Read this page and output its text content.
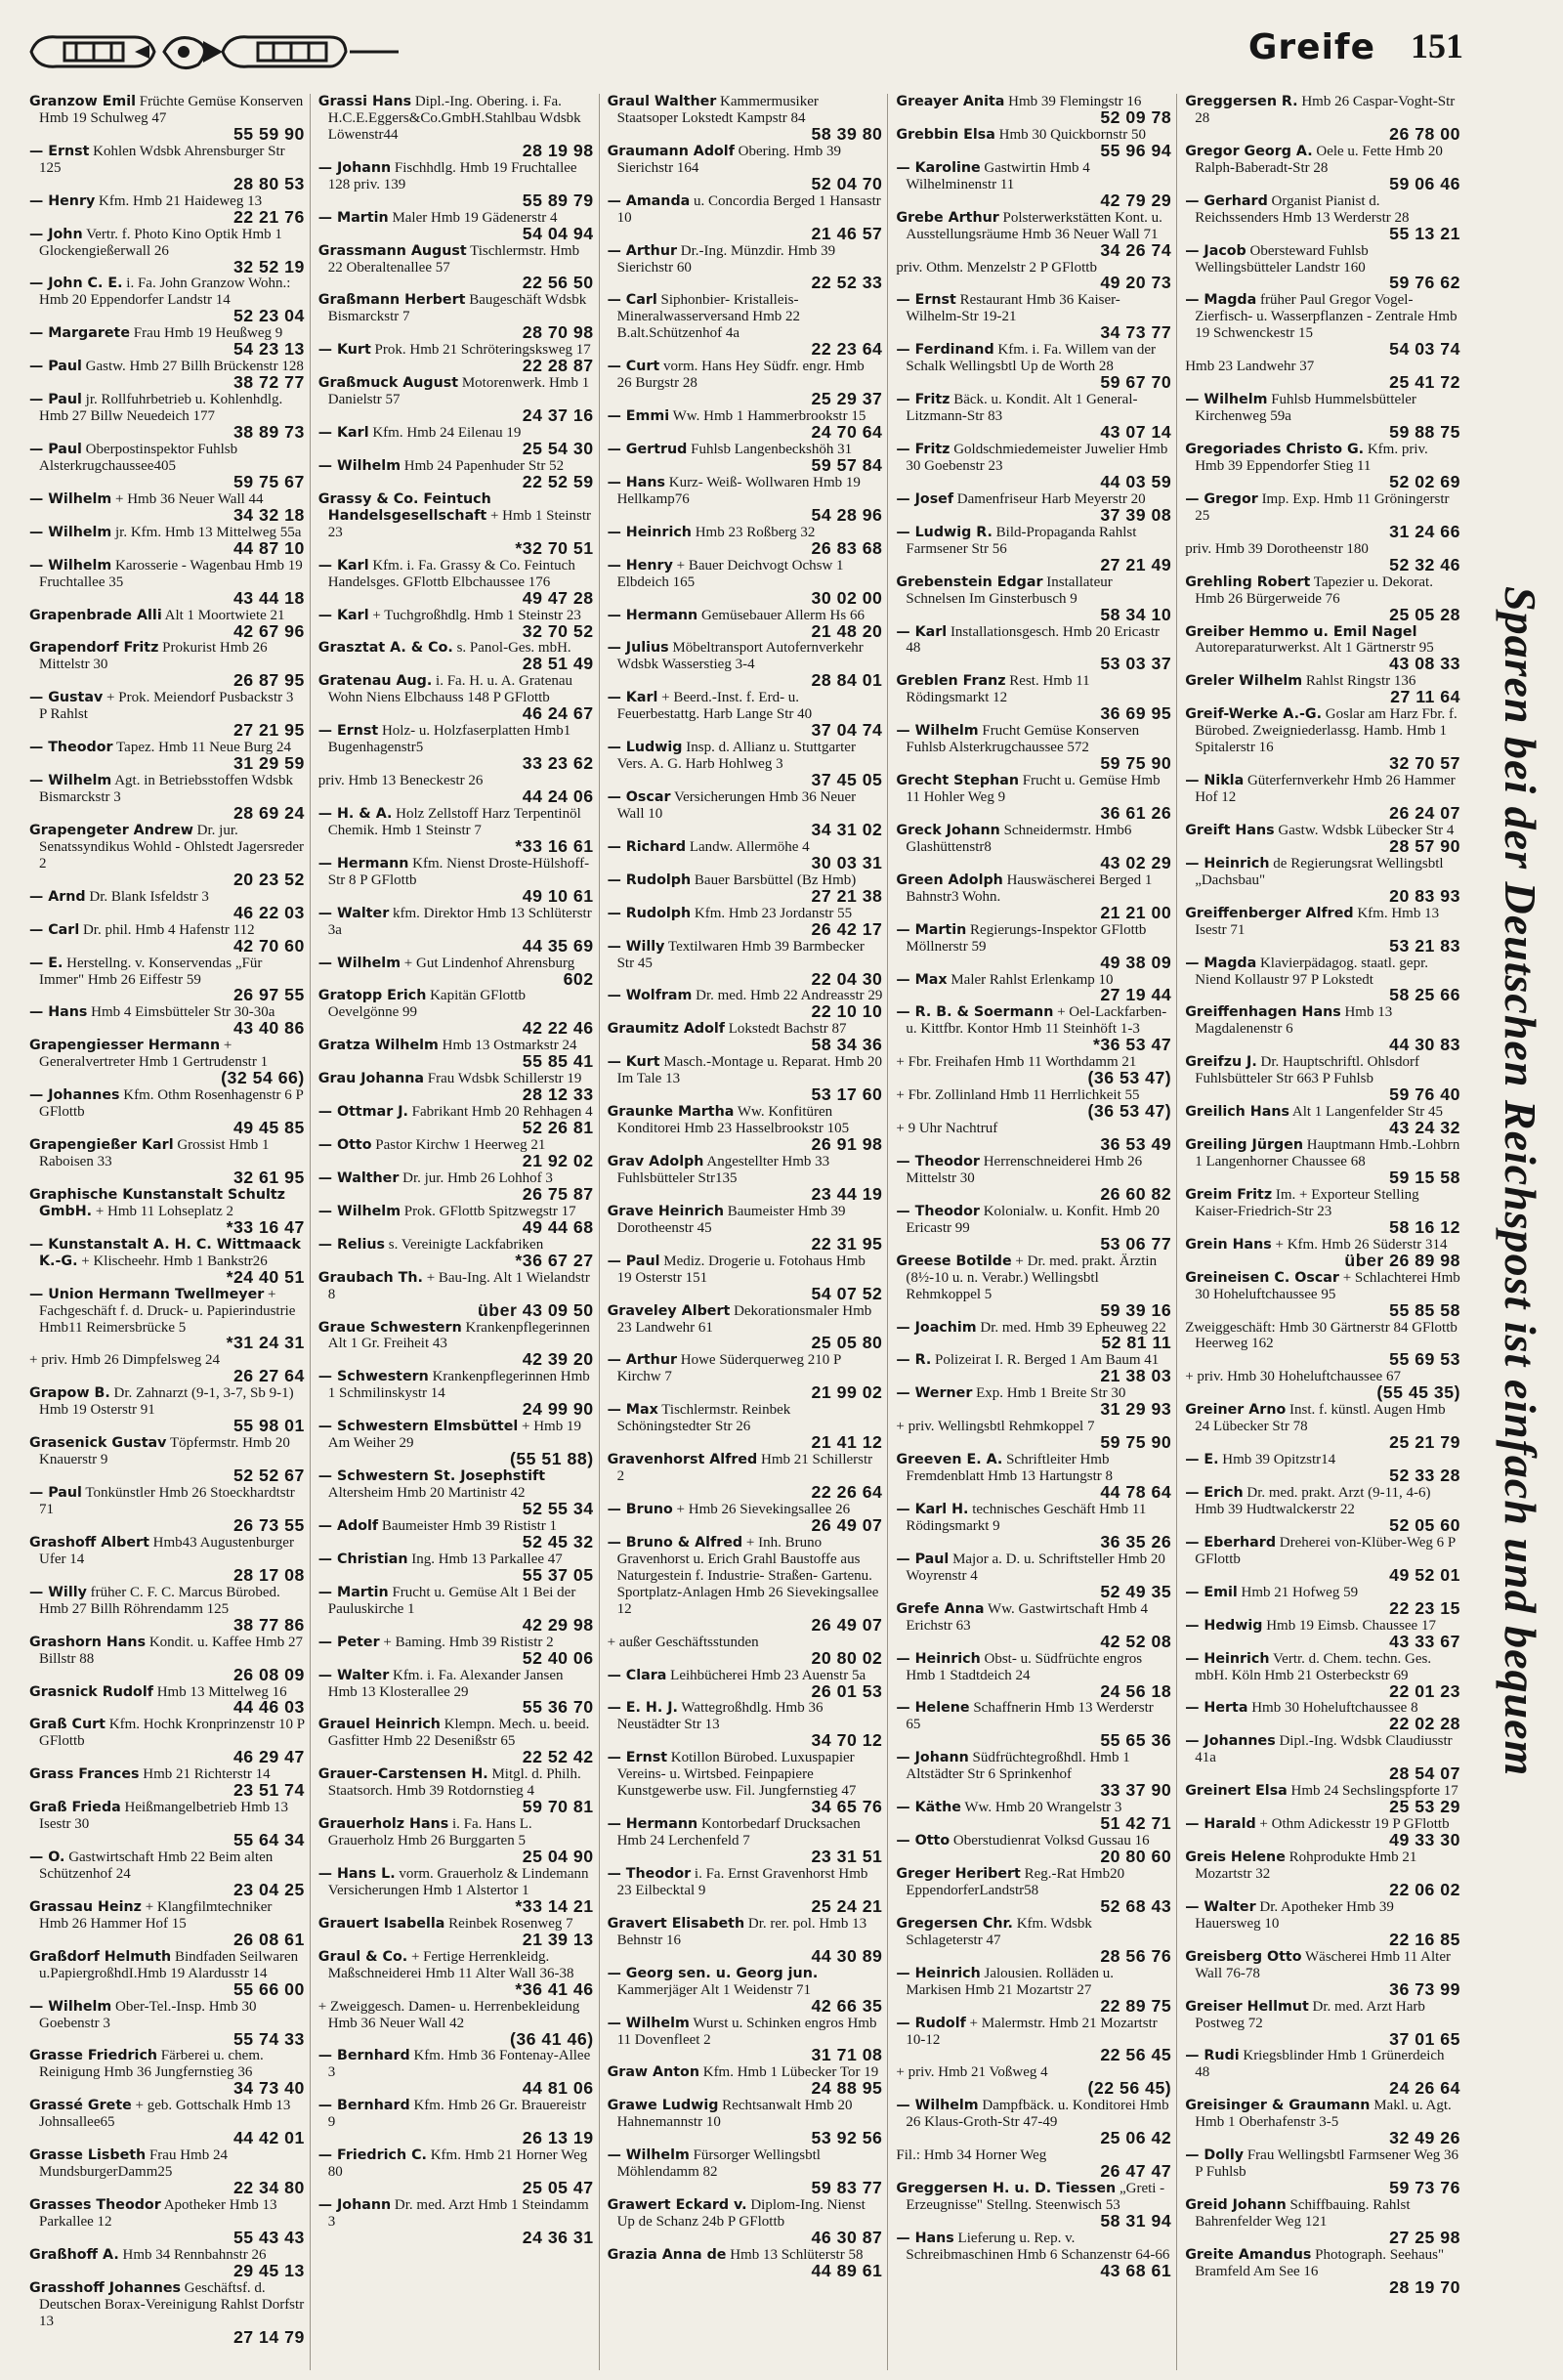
Greife 151
Granzow Emil Früchte Gemüse Konserven Hmb 19 Schulweg 47
55 59 90
— Ernst Kohlen Wdsbk Ahrensburger Str 125
28 80 53
— Henry Kfm. Hmb 21 Haideweg 13
22 21 76
— John Vertr. f. Photo Kino Optik Hmb 1 Glockengießerwall 26
32 52 19
— John C. E. i. Fa. John Granzow Wohn.: Hmb 20 Eppendorfer Landstr 14
52 23 04
— Margarete Frau Hmb 19 Heußweg 9
54 23 13
— Paul Gastw. Hmb 27 Billh Brückenstr 128
38 72 77
— Paul jr. Rollfuhrbetrieb u. Kohlenhdlg. Hmb 27 Billw Neuedeich 177
38 89 73
— Paul Oberpostinspektor Fuhlsb Alsterkrugchaussee405
59 75 67
— Wilhelm + Hmb 36 Neuer Wall 44
34 32 18
— Wilhelm jr. Kfm. Hmb 13 Mittelweg 55a
44 87 10
— Wilhelm Karosserie - Wagenbau Hmb 19 Fruchtallee 35
43 44 18
Grapenbrade Alli Alt 1 Moortwiete 21
42 67 96
Grapendorf Fritz Prokurist Hmb 26 Mittelstr 30
26 87 95
— Gustav + Prok. Meiendorf Pusbackstr 3 P Rahlst
27 21 95
— Theodor Tapez. Hmb 11 Neue Burg 24
31 29 59
— Wilhelm Agt. in Betriebsstoffen Wdsbk Bismarckstr 3
28 69 24
Grapengeter Andrew Dr. jur. Senatssyndikus Wohld - Ohlstedt Jagersreder 2
20 23 52
— Arnd Dr. Blank Isfeldstr 3
46 22 03
— Carl Dr. phil. Hmb 4 Hafenstr 112
42 70 60
— E. Herstellng. v. Konservendas „Für Immer" Hmb 26 Eiffestr 59
26 97 55
— Hans Hmb 4 Eimsbütteler Str 30-30a
43 40 86
Grapengiesser Hermann + Generalvertreter Hmb 1 Gertrudenstr 1
(32 54 66)
— Johannes Kfm. Othm Rosenhagenstr 6 P GFlottb
49 45 85
Grapengießer Karl Grossist Hmb 1 Raboisen 33
32 61 95
Graphische Kunstanstalt Schultz GmbH. + Hmb 11 Lohseplatz 2
*33 16 47
— Kunstanstalt A. H. C. Wittmaack K.-G. + Klischeehr. Hmb 1 Bankstr26
*24 40 51
— Union Hermann Twellmeyer + Fachgeschäft f. d. Druck- u. Papierindustrie Hmb11 Reimersbrücke 5
*31 24 31
+ priv. Hmb 26 Dimpfelsweg 24
26 27 64
Grapow B. Dr. Zahnarzt (9-1, 3-7, Sb 9-1) Hmb 19 Osterstr 91
55 98 01
Grasenick Gustav Töpfermstr. Hmb 20 Knauerstr 9
52 52 67
— Paul Tonkünstler Hmb 26 Stoeckhardtstr 71
26 73 55
Grashoff Albert Hmb43 Augustenburger Ufer 14
28 17 08
— Willy früher C. F. C. Marcus Bürobed. Hmb 27 Billh Röhrendamm 125
38 77 86
Grashorn Hans Kondit. u. Kaffee Hmb 27 Billstr 88
26 08 09
Grasnick Rudolf Hmb 13 Mittelweg 16
44 46 03
Graß Curt Kfm. Hochk Kronprinzenstr 10 P GFlottb
46 29 47
Grass Frances Hmb 21 Richterstr 14
23 51 74
Graß Frieda Heißmangelbetrieb Hmb 13 Isestr 30
55 64 34
— O. Gastwirtschaft Hmb 22 Beim alten Schützenhof 24
23 04 25
Grassau Heinz + Klangfilmtechniker Hmb 26 Hammer Hof 15
26 08 61
Graßdorf Helmuth Bindfaden Seilwaren u.PapiergroßhdI.Hmb 19 Alardusstr 14
55 66 00
— Wilhelm Ober-Tel.-Insp. Hmb 30 Goebenstr 3
55 74 33
Grasse Friedrich Färberei u. chem. Reinigung Hmb 36 Jungfernstieg 36
34 73 40
Grassé Grete + geb. Gottschalk Hmb 13 Johnsallee65
44 42 01
Grasse Lisbeth Frau Hmb 24 MundsburgerDamm25
22 34 80
Grasses Theodor Apotheker Hmb 13 Parkallee 12
55 43 43
Graßhoff A. Hmb 34 Rennbahnstr 26
29 45 13
Grasshoff Johannes Geschäftsf. d. Deutschen Borax-Vereinigung Rahlst Dorfstr 13
27 14 79
Grassi Hans Dipl.-Ing. Obering. i. Fa. H.C.E.Eggers&Co.GmbH.Stahlbau Wdsbk Löwenstr44
28 19 98
— Johann Fischhdlg. Hmb 19 Fruchtallee 128 priv. 139
55 89 79
— Martin Maler Hmb 19 Gädenerstr 4
54 04 94
Grassmann August Tischlermstr. Hmb 22 Oberaltenallee 57
22 56 50
Graßmann Herbert Baugeschäft Wdsbk Bismarckstr 7
28 70 98
— Kurt Prok. Hmb 21 Schröteringsksweg 17
22 28 87
Graßmuck August Motorenwerk. Hmb 1 Danielstr 57
24 37 16
— Karl Kfm. Hmb 24 Eilenau 19
25 54 30
— Wilhelm Hmb 24 Papenhuder Str 52
22 52 59
Grassy & Co. Feintuch Handelsgesellschaft + Hmb 1 Steinstr 23
*32 70 51
— Karl Kfm. i. Fa. Grassy & Co. Feintuch Handelsges. GFlottb Elbchaussee 176
49 47 28
— Karl + Tuchgroßhdlg. Hmb 1 Steinstr 23
32 70 52
Grasztat A. & Co. s. Panol-Ges. mbH.
28 51 49
Gratenau Aug. i. Fa. H. u. A. Gratenau Wohn Niens Elbchauss 148 P GFlottb
46 24 67
— Ernst Holz- u. Holzfaserplatten Hmb1 Bugenhagenstr5
33 23 62
priv. Hmb 13 Beneckestr 26
44 24 06
— H. & A. Holz Zellstoff Harz Terpentinöl Chemik. Hmb 1 Steinstr 7
*33 16 61
— Hermann Kfm. Nienst Droste-Hülshoff-Str 8 P GFlottb
49 10 61
— Walter kfm. Direktor Hmb 13 Schlüterstr 3a
44 35 69
— Wilhelm + Gut Lindenhof Ahrensburg
602
Gratopp Erich Kapitän GFlottb Oevelgönne 99
42 22 46
Gratza Wilhelm Hmb 13 Ostmarkstr 24
55 85 41
Grau Johanna Frau Wdsbk Schillerstr 19
28 12 33
— Ottmar J. Fabrikant Hmb 20 Rehhagen 4
52 26 81
— Otto Pastor Kirchw 1 Heerweg 21
21 92 02
— Walther Dr. jur. Hmb 26 Lohhof 3
26 75 87
— Wilhelm Prok. GFlottb Spitzwegstr 17
49 44 68
— Relius s. Vereinigte Lackfabriken
*36 67 27
Graubach Th. + Bau-Ing. Alt 1 Wielandstr 8
über 43 09 50
Graue Schwestern Krankenpflegerinnen Alt 1 Gr. Freiheit 43
42 39 20
— Schwestern Krankenpflegerinnen Hmb 1 Schmilinskystr 14
24 99 90
— Schwestern Elmsbüttel + Hmb 19 Am Weiher 29
(55 51 88)
— Schwestern St. Josephstift Altersheim Hmb 20 Martinistr 42
52 55 34
— Adolf Baumeister Hmb 39 Rististr 1
52 45 32
— Christian Ing. Hmb 13 Parkallee 47
55 37 05
— Martin Frucht u. Gemüse Alt 1 Bei der Pauluskirche 1
42 29 98
— Peter + Baming. Hmb 39 Rististr 2
52 40 06
— Walter Kfm. i. Fa. Alexander Jansen Hmb 13 Klosterallee 29
55 36 70
Grauel Heinrich Klempn. Mech. u. beeid. Gasfitter Hmb 22 Desenißstr 65
22 52 42
Grauer-Carstensen H. Mitgl. d. Philh. Staatsorch. Hmb 39 Rotdornstieg 4
59 70 81
Grauerholz Hans i. Fa. Hans L. Grauerholz Hmb 26 Burggarten 5
25 04 90
— Hans L. vorm. Grauerholz & Lindemann Versicherungen Hmb 1 Alstertor 1
*33 14 21
Grauert Isabella Reinbek Rosenweg 7
21 39 13
Graul & Co. + Fertige Herrenkleidg. Maßschneiderei Hmb 11 Alter Wall 36-38
*36 41 46
+ Zweiggesch. Damen- u. Herrenbekleidung Hmb 36 Neuer Wall 42
(36 41 46)
— Bernhard Kfm. Hmb 36 Fontenay-Allee 3
44 81 06
— Bernhard Kfm. Hmb 26 Gr. Brauereistr 9
26 13 19
— Friedrich C. Kfm. Hmb 21 Horner Weg 80
25 05 47
— Johann Dr. med. Arzt Hmb 1 Steindamm 3
24 36 31
Graul Walther Kammermusiker Staatsoper Lokstedt Kampstr 84
58 39 80
Graumann Adolf Obering. Hmb 39 Sierichstr 164
52 04 70
— Amanda u. Concordia Berged 1 Hansastr 10
21 46 57
— Arthur Dr.-Ing. Münzdir. Hmb 39 Sierichstr 60
22 52 33
— Carl Siphonbier- Kristalleis-Mineralwasserversand Hmb 22 B.alt.Schützenhof 4a
22 23 64
— Curt vorm. Hans Hey Südfr. engr. Hmb 26 Burgstr 28
25 29 37
— Emmi Ww. Hmb 1 Hammerbrookstr 15
24 70 64
— Gertrud Fuhlsb Langenbeckshöh 31
59 57 84
— Hans Kurz- Weiß- Wollwaren Hmb 19 Hellkamp76
54 28 96
— Heinrich Hmb 23 Roßberg 32
26 83 68
— Henry + Bauer Deichvogt Ochsw 1 Elbdeich 165
30 02 00
— Hermann Gemüsebauer Allerm Hs 66
21 48 20
— Julius Möbeltransport Autofernverkehr Wdsbk Wasserstieg 3-4
28 84 01
— Karl + Beerd.-Inst. f. Erd- u. Feuerbestattg. Harb Lange Str 40
37 04 74
— Ludwig Insp. d. Allianz u. Stuttgarter Vers. A. G. Harb Hohlweg 3
37 45 05
— Oscar Versicherungen Hmb 36 Neuer Wall 10
34 31 02
— Richard Landw. Allermöhe 4
30 03 31
— Rudolph Bauer Barsbüttel (Bz Hmb)
27 21 38
— Rudolph Kfm. Hmb 23 Jordanstr 55
26 42 17
— Willy Textilwaren Hmb 39 Barmbecker Str 45
22 04 30
— Wolfram Dr. med. Hmb 22 Andreasstr 29
22 10 10
Graumitz Adolf Lokstedt Bachstr 87
58 34 36
— Kurt Masch.-Montage u. Reparat. Hmb 20 Im Tale 13
53 17 60
Graunke Martha Ww. Konfitüren Konditorei Hmb 23 Hasselbrookstr 105
26 91 98
Grav Adolph Angestellter Hmb 33 Fuhlsbütteler Str135
23 44 19
Grave Heinrich Baumeister Hmb 39 Dorotheenstr 45
22 31 95
— Paul Mediz. Drogerie u. Fotohaus Hmb 19 Osterstr 151
54 07 52
Graveley Albert Dekorationsmaler Hmb 23 Landwehr 61
25 05 80
— Arthur Howe Süderquerweg 210 P Kirchw 7
21 99 02
— Max Tischlermstr. Reinbek Schöningstedter Str 26
21 41 12
Gravenhorst Alfred Hmb 21 Schillerstr 2
22 26 64
— Bruno + Hmb 26 Sievekingsallee 26
26 49 07
— Bruno & Alfred + Inh. Bruno Gravenhorst u. Erich Grahl Baustoffe aus Naturgestein f. Industrie- Straßen- Gartenu. Sportplatz-Anlagen Hmb 26 Sievekingsallee 12
26 49 07
+ außer Geschäftsstunden
20 80 02
— Clara Leihbücherei Hmb 23 Auenstr 5a
26 01 53
— E. H. J. Wattegroßhdlg. Hmb 36 Neustädter Str 13
34 70 12
— Ernst Kotillon Bürobed. Luxuspapier Vereins- u. Wirtsbed. Feinpapiere Kunstgewerbe usw. Fil. Jungfernstieg 47
34 65 76
— Hermann Kontorbedarf Drucksachen Hmb 24 Lerchenfeld 7
23 31 51
— Theodor i. Fa. Ernst Gravenhorst Hmb 23 Eilbecktal 9
25 24 21
Gravert Elisabeth Dr. rer. pol. Hmb 13 Behnstr 16
44 30 89
— Georg sen. u. Georg jun. Kammerjäger Alt 1 Weidenstr 71
42 66 35
— Wilhelm Wurst u. Schinken engros Hmb 11 Dovenfleet 2
31 71 08
Graw Anton Kfm. Hmb 1 Lübecker Tor 19
24 88 95
Grawe Ludwig Rechtsanwalt Hmb 20 Hahnemannstr 10
53 92 56
— Wilhelm Fürsorger Wellingsbtl Möhlendamm 82
59 83 77
Grawert Eckard v. Diplom-Ing. Nienst Up de Schanz 24b P GFlottb
46 30 87
Grazia Anna de Hmb 13 Schlüterstr 58
44 89 61
Greayer Anita Hmb 39 Flemingstr 16
52 09 78
Grebbin Elsa Hmb 30 Quickbornstr 50
55 96 94
— Karoline Gastwirtin Hmb 4 Wilhelminenstr 11
42 79 29
Grebe Arthur Polsterwerkstätten Kont. u. Ausstellungsräume Hmb 36 Neuer Wall 71
34 26 74
priv. Othm. Menzelstr 2 P GFlottb
49 20 73
— Ernst Restaurant Hmb 36 Kaiser-Wilhelm-Str 19-21
34 73 77
— Ferdinand Kfm. i. Fa. Willem van der Schalk Wellingsbtl Up de Worth 28
59 67 70
— Fritz Bäck. u. Kondit. Alt 1 General-Litzmann-Str 83
43 07 14
— Fritz Goldschmiedemeister Juwelier Hmb 30 Goebenstr 23
44 03 59
— Josef Damenfriseur Harb Meyerstr 20
37 39 08
— Ludwig R. Bild-Propaganda Rahlst Farmsener Str 56
27 21 49
Grebenstein Edgar Installateur Schnelsen Im Ginsterbusch 9
58 34 10
— Karl Installationsgesch. Hmb 20 Ericastr 48
53 03 37
Greblen Franz Rest. Hmb 11 Rödingsmarkt 12
36 69 95
— Wilhelm Frucht Gemüse Konserven Fuhlsb Alsterkrugchaussee 572
59 75 90
Grecht Stephan Frucht u. Gemüse Hmb 11 Hohler Weg 9
36 61 26
Greck Johann Schneidermstr. Hmb6 Glashüttenstr8
43 02 29
Green Adolph Hauswäscherei Berged 1 Bahnstr3 Wohn.
21 21 00
— Martin Regierungs-Inspektor GFlottb Möllnerstr 59
49 38 09
— Max Maler Rahlst Erlenkamp 10
27 19 44
— R. B. & Soermann + Oel-Lackfarben- u. Kittfbr. Kontor Hmb 11 Steinhöft 1-3
*36 53 47
+ Fbr. Freihafen Hmb 11 Worthdamm 21
(36 53 47)
+ Fbr. Zollinland Hmb 11 Herrlichkeit 55
(36 53 47)
+ 9 Uhr Nachtruf
36 53 49
— Theodor Herrenschneiderei Hmb 26 Mittelstr 30
26 60 82
— Theodor Kolonialw. u. Konfit. Hmb 20 Ericastr 99
53 06 77
Greese Botilde + Dr. med. prakt. Ärztin (8½-10 u. n. Verabr.) Wellingsbtl Rehmkoppel 5
59 39 16
— Joachim Dr. med. Hmb 39 Epheuweg 22
52 81 11
— R. Polizeirat I. R. Berged 1 Am Baum 41
21 38 03
— Werner Exp. Hmb 1 Breite Str 30
31 29 93
+ priv. Wellingsbtl Rehmkoppel 7
59 75 90
Greeven E. A. Schriftleiter Hmb Fremdenblatt Hmb 13 Hartungstr 8
44 78 64
— Karl H. technisches Geschäft Hmb 11 Rödingsmarkt 9
36 35 26
— Paul Major a. D. u. Schriftsteller Hmb 20 Woyrenstr 4
52 49 35
Grefe Anna Ww. Gastwirtschaft Hmb 4 Erichstr 63
42 52 08
— Heinrich Obst- u. Südfrüchte engros Hmb 1 Stadtdeich 24
24 56 18
— Helene Schaffnerin Hmb 13 Werderstr 65
55 65 36
— Johann Südfrüchtegroßhdl. Hmb 1 Altstädter Str 6 Sprinkenhof
33 37 90
— Käthe Ww. Hmb 20 Wrangelstr 3
51 42 71
— Otto Oberstudienrat Volksd Gussau 16
20 80 60
Greger Heribert Reg.-Rat Hmb20 EppendorferLandstr58
52 68 43
Gregersen Chr. Kfm. Wdsbk Schlageterstr 47
28 56 76
— Heinrich Jalousien. Rolläden u. Markisen Hmb 21 Mozartstr 27
22 89 75
— Rudolf + Malermstr. Hmb 21 Mozartstr 10-12
22 56 45
+ priv. Hmb 21 Voßweg 4
(22 56 45)
— Wilhelm Dampfbäck. u. Konditorei Hmb 26 Klaus-Groth-Str 47-49
25 06 42
Fil.: Hmb 34 Horner Weg
26 47 47
Greggersen H. u. D. Tiessen „Greti - Erzeugnisse" Stellng. Steenwisch 53
58 31 94
— Hans Lieferung u. Rep. v. Schreibmaschinen Hmb 6 Schanzenstr 64-66
43 68 61
Greggersen R. Hmb 26 Caspar-Voght-Str 28
26 78 00
Gregor Georg A. Oele u. Fette Hmb 20 Ralph-Baberadt-Str 28
59 06 46
— Gerhard Organist Pianist d. Reichssenders Hmb 13 Werderstr 28
55 13 21
— Jacob Obersteward Fuhlsb Wellingsbütteler Landstr 160
59 76 62
— Magda früher Paul Gregor Vogel- Zierfisch- u. Wasserpflanzen - Zentrale Hmb 19 Schwenckestr 15
54 03 74
Hmb 23 Landwehr 37
25 41 72
— Wilhelm Fuhlsb Hummelsbütteler Kirchenweg 59a
59 88 75
Gregoriades Christo G. Kfm. priv. Hmb 39 Eppendorfer Stieg 11
52 02 69
— Gregor Imp. Exp. Hmb 11 Gröningerstr 25
31 24 66
priv. Hmb 39 Dorotheenstr 180
52 32 46
Grehling Robert Tapezier u. Dekorat. Hmb 26 Bürgerweide 76
25 05 28
Greiber Hemmo u. Emil Nagel Autoreparaturwerkst. Alt 1 Gärtnerstr 95
43 08 33
Greler Wilhelm Rahlst Ringstr 136
27 11 64
Greif-Werke A.-G. Goslar am Harz Fbr. f. Bürobed. Zweigniederlassg. Hamb. Hmb 1 Spitalerstr 16
32 70 57
— Nikla Güterfernverkehr Hmb 26 Hammer Hof 12
26 24 07
Greift Hans Gastw. Wdsbk Lübecker Str 4
28 57 90
— Heinrich de Regierungsrat Wellingsbtl „Dachsbau"
20 83 93
Greiffenberger Alfred Kfm. Hmb 13 Isestr 71
53 21 83
— Magda Klavierpädagog. staatl. gepr. Niend Kollaustr 97 P Lokstedt
58 25 66
Greiffenhagen Hans Hmb 13 Magdalenenstr 6
44 30 83
Greifzu J. Dr. Hauptschriftl. Ohlsdorf Fuhlsbütteler Str 663 P Fuhlsb
59 76 40
Greilich Hans Alt 1 Langenfelder Str 45
43 24 32
Greiling Jürgen Hauptmann Hmb.-Lohbrn 1 Langenhorner Chaussee 68
59 15 58
Greim Fritz Im. + Exporteur Stelling Kaiser-Friedrich-Str 23
58 16 12
Grein Hans + Kfm. Hmb 26 Süderstr 314
über 26 89 98
Greineisen C. Oscar + Schlachterei Hmb 30 Hoheluftchaussee 95
55 85 58
Zweiggeschäft: Hmb 30 Gärtnerstr 84 GFlottb Heerweg 162
55 69 53
+ priv. Hmb 30 Hoheluftchaussee 67
(55 45 35)
Greiner Arno Inst. f. künstl. Augen Hmb 24 Lübecker Str 78
25 21 79
— E. Hmb 39 Opitzstr14
52 33 28
— Erich Dr. med. prakt. Arzt (9-11, 4-6) Hmb 39 Hudtwalckerstr 22
52 05 60
— Eberhard Dreherei von-Klüber-Weg 6 P GFlottb
49 52 01
— Emil Hmb 21 Hofweg 59
22 23 15
— Hedwig Hmb 19 Eimsb. Chaussee 17
43 33 67
— Heinrich Vertr. d. Chem. techn. Ges. mbH. Köln Hmb 21 Osterbeckstr 69
22 01 23
— Herta Hmb 30 Hoheluftchaussee 8
22 02 28
— Johannes Dipl.-Ing. Wdsbk Claudiusstr 41a
28 54 07
Greinert Elsa Hmb 24 Sechslingspforte 17
25 53 29
— Harald + Othm Adickesstr 19 P GFlottb
49 33 30
Greis Helene Rohprodukte Hmb 21 Mozartstr 32
22 06 02
— Walter Dr. Apotheker Hmb 39 Hauersweg 10
22 16 85
Greisberg Otto Wäscherei Hmb 11 Alter Wall 76-78
36 73 99
Greiser Hellmut Dr. med. Arzt Harb Postweg 72
37 01 65
— Rudi Kriegsblinder Hmb 1 Grünerdeich 48
24 26 64
Greisinger & Graumann Makl. u. Agt. Hmb 1 Oberhafenstr 3-5
32 49 26
— Dolly Frau Wellingsbtl Farmsener Weg 36 P Fuhlsb
59 73 76
Greid Johann Schiffbauing. Rahlst Bahrenfelder Weg 121
27 25 98
Greite Amandus Photograph. Seehaus" Bramfeld Am See 16
28 19 70
Sparen bei der Deutschen Reichspost ist einfach und bequem
